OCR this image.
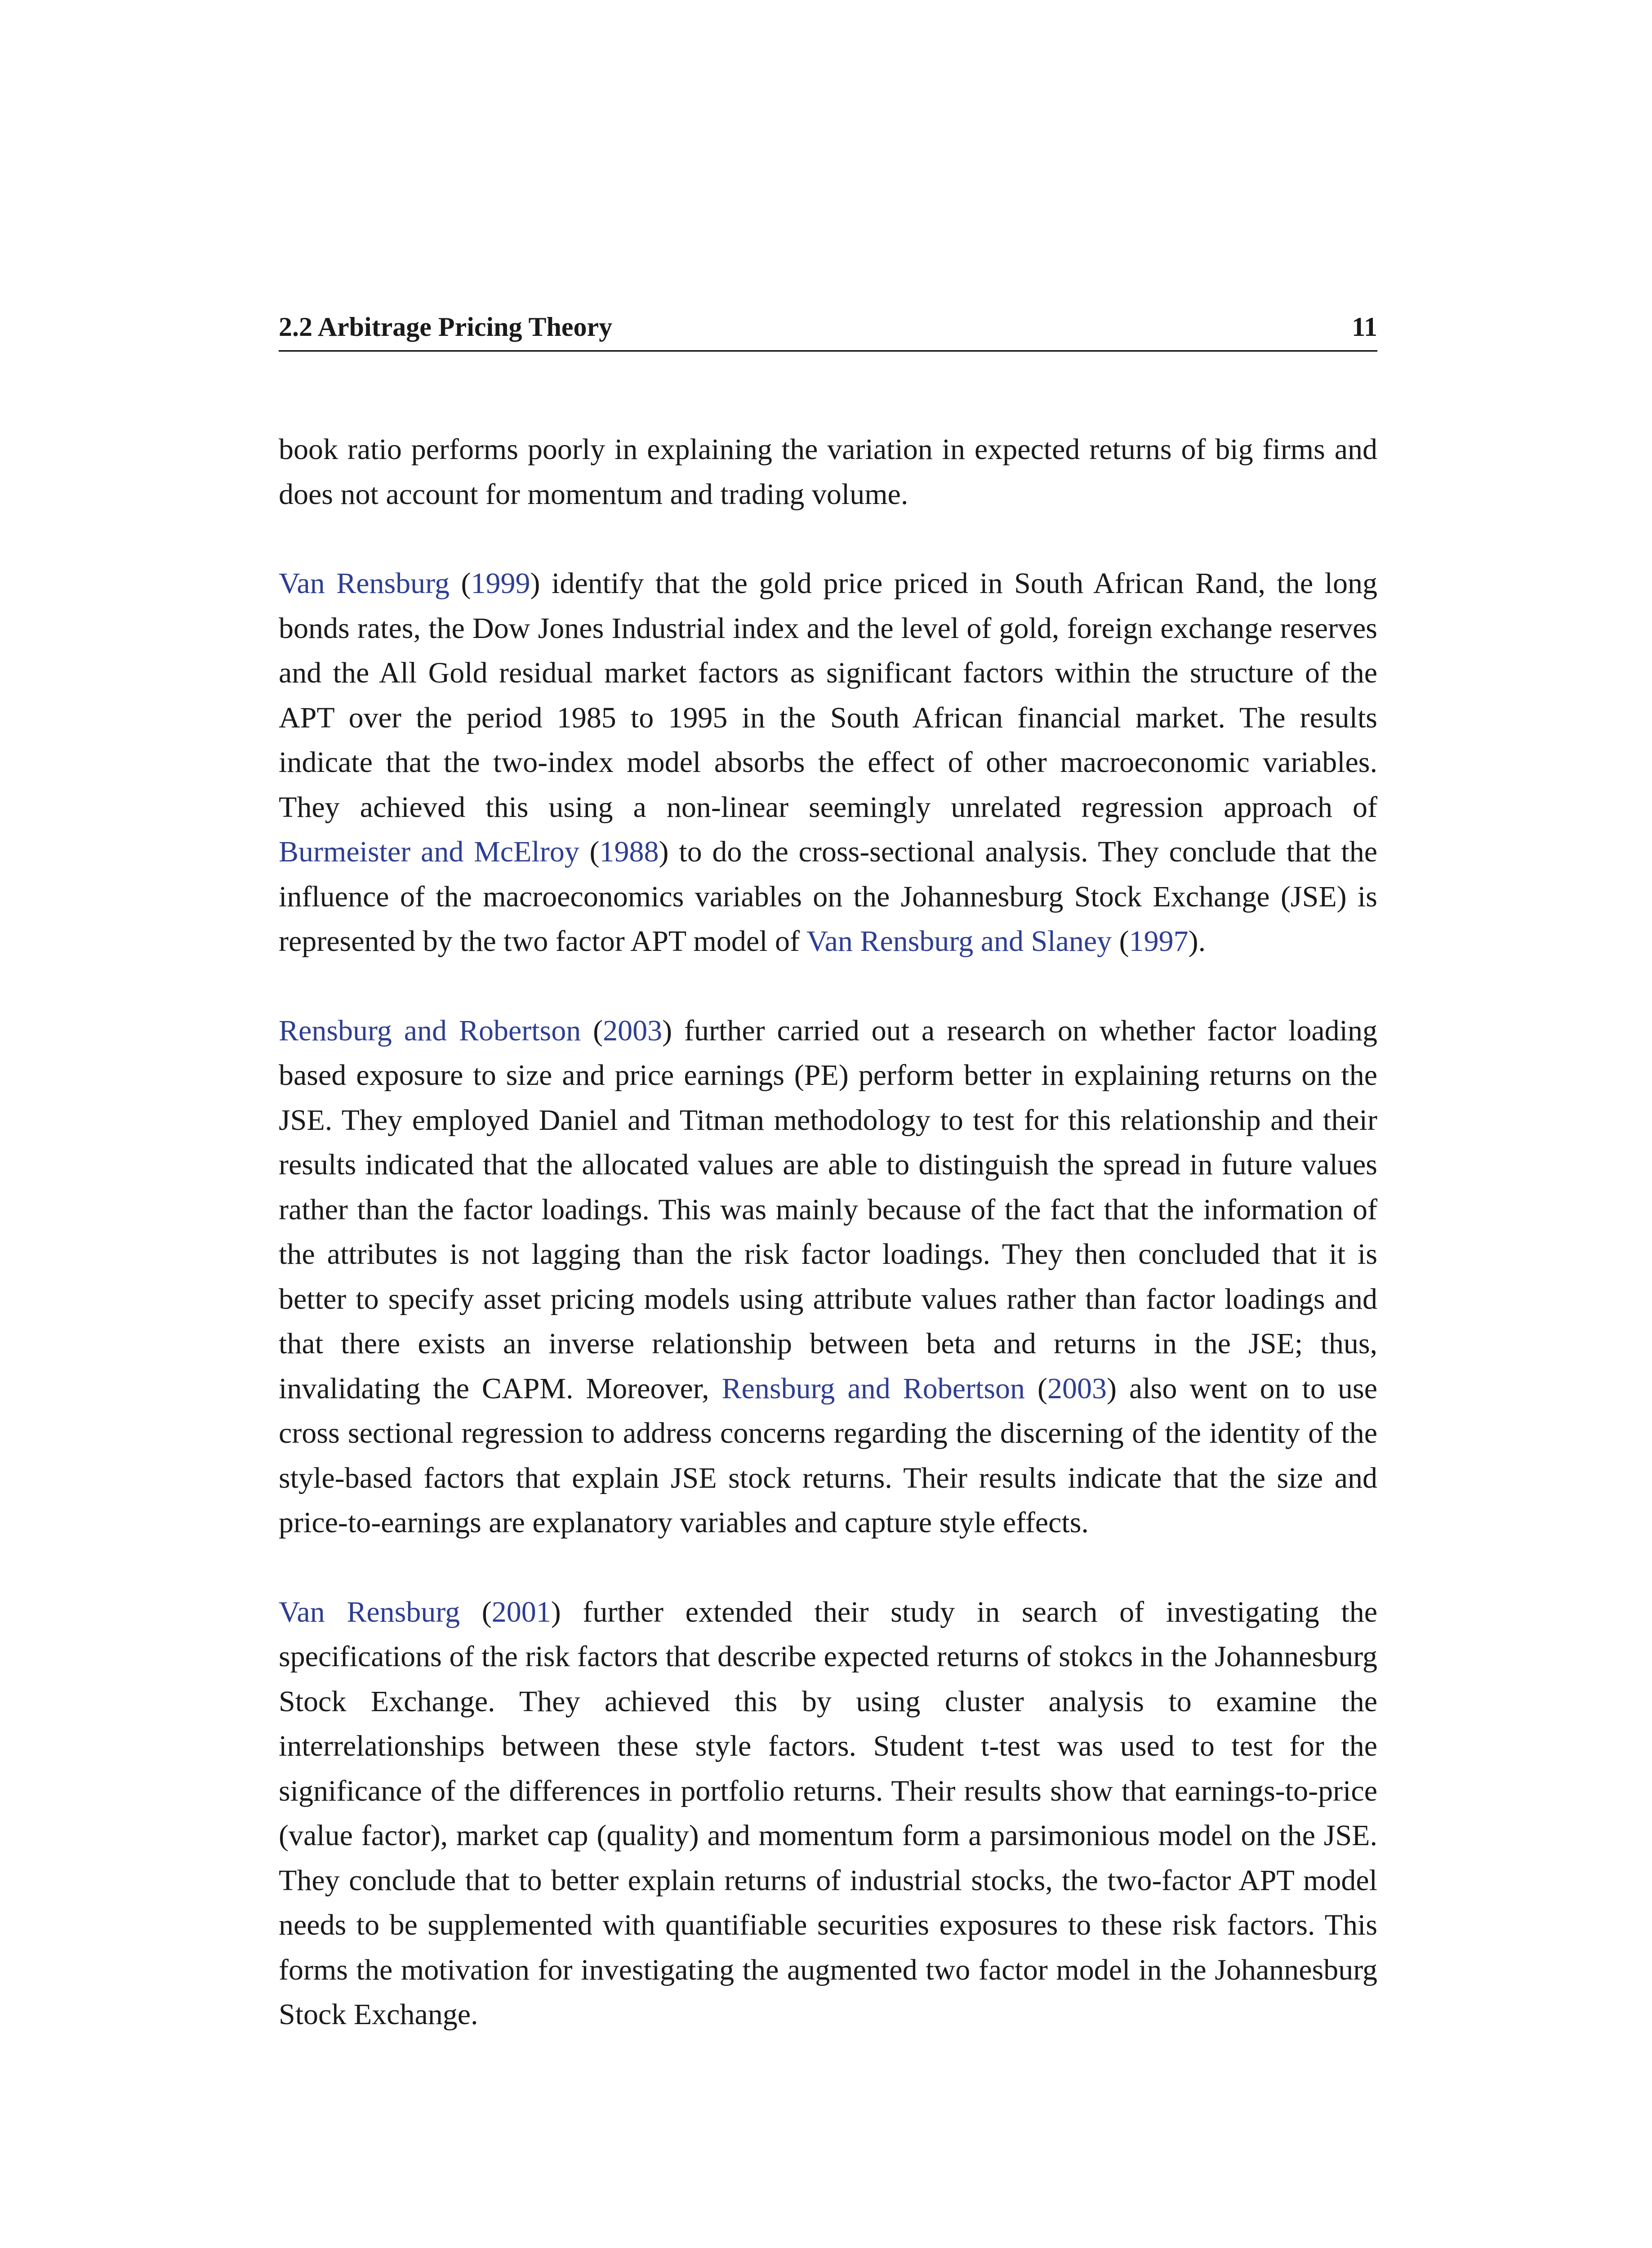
2.2 Arbitrage Pricing Theory	11

book ratio performs poorly in explaining the variation in expected returns of big firms and does not account for momentum and trading volume.

Van Rensburg (1999) identify that the gold price priced in South African Rand, the long bonds rates, the Dow Jones Industrial index and the level of gold, foreign exchange reserves and the All Gold residual market factors as significant factors within the structure of the APT over the period 1985 to 1995 in the South African financial market. The results indicate that the two-index model absorbs the effect of other macroeconomic variables. They achieved this using a non-linear seemingly unrelated regression approach of Burmeister and McElroy (1988) to do the cross-sectional analysis. They conclude that the influence of the macroeconomics variables on the Johannesburg Stock Exchange (JSE) is represented by the two factor APT model of Van Rensburg and Slaney (1997).

Rensburg and Robertson (2003) further carried out a research on whether factor loading based exposure to size and price earnings (PE) perform better in explaining returns on the JSE. They employed Daniel and Titman methodology to test for this relationship and their results indicated that the allocated values are able to distinguish the spread in future values rather than the factor loadings. This was mainly because of the fact that the information of the attributes is not lagging than the risk factor loadings. They then concluded that it is better to specify asset pricing models using attribute values rather than factor loadings and that there exists an inverse relationship between beta and returns in the JSE; thus, invalidating the CAPM. Moreover, Rensburg and Robertson (2003) also went on to use cross sectional regression to address concerns regarding the discerning of the identity of the style-based factors that explain JSE stock returns. Their results indicate that the size and price-to-earnings are explanatory variables and capture style effects.

Van Rensburg (2001) further extended their study in search of investigating the specifications of the risk factors that describe expected returns of stokcs in the Johannesburg Stock Exchange. They achieved this by using cluster analysis to examine the interrelationships between these style factors. Student t-test was used to test for the significance of the differences in portfolio returns. Their results show that earnings-to-price (value factor), market cap (quality) and momentum form a parsimonious model on the JSE. They conclude that to better explain returns of industrial stocks, the two-factor APT model needs to be supplemented with quantifiable securities exposures to these risk factors. This forms the motivation for investigating the augmented two factor model in the Johannesburg Stock Exchange.
